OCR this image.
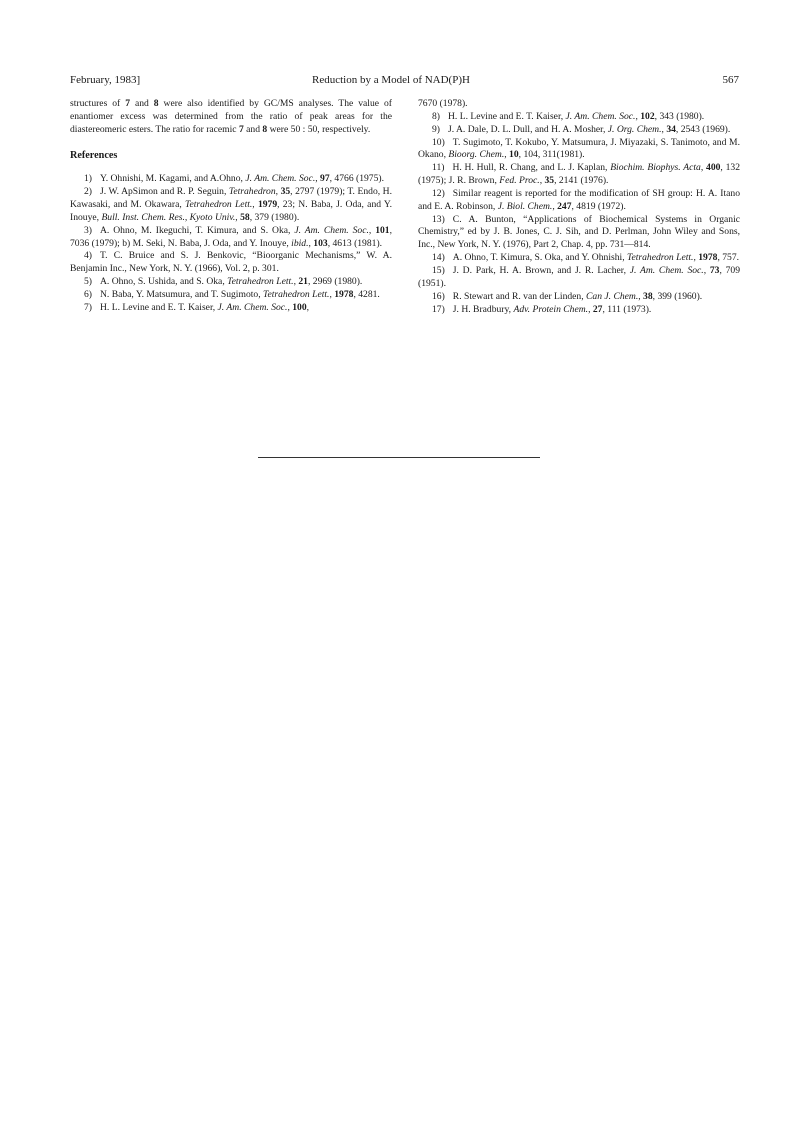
February, 1983]	Reduction by a Model of NAD(P)H	567

structures of 7 and 8 were also identified by GC/MS analyses. The value of enantiomer excess was determined from the ratio of peak areas for the diastereomeric esters. The ratio for racemic 7 and 8 were 50 : 50, respectively.

References

1) Y. Ohnishi, M. Kagami, and A.Ohno, J. Am. Chem. Soc., 97, 4766 (1975).

2) J. W. ApSimon and R. P. Seguin, Tetrahedron, 35, 2797 (1979); T. Endo, H. Kawasaki, and M. Okawara, Tetrahedron Lett., 1979, 23; N. Baba, J. Oda, and Y. Inouye, Bull. Inst. Chem. Res., Kyoto Univ., 58, 379 (1980).

3) A. Ohno, M. Ikeguchi, T. Kimura, and S. Oka, J. Am. Chem. Soc., 101, 7036 (1979); b) M. Seki, N. Baba, J. Oda, and Y. Inouye, ibid., 103, 4613 (1981).

4) T. C. Bruice and S. J. Benkovic, “Bioorganic Mechanisms,” W. A. Benjamin Inc., New York, N. Y. (1966), Vol. 2, p. 301.

5) A. Ohno, S. Ushida, and S. Oka, Tetrahedron Lett., 21, 2969 (1980).

6) N. Baba, Y. Matsumura, and T. Sugimoto, Tetrahedron Lett., 1978, 4281.

7) H. L. Levine and E. T. Kaiser, J. Am. Chem. Soc., 100,

7670 (1978).

8) H. L. Levine and E. T. Kaiser, J. Am. Chem. Soc., 102, 343 (1980).

9) J. A. Dale, D. L. Dull, and H. A. Mosher, J. Org. Chem., 34, 2543 (1969).

10) T. Sugimoto, T. Kokubo, Y. Matsumura, J. Miyazaki, S. Tanimoto, and M. Okano, Bioorg. Chem., 10, 104, 311(1981).

11) H. H. Hull, R. Chang, and L. J. Kaplan, Biochim. Biophys. Acta, 400, 132 (1975); J. R. Brown, Fed. Proc., 35, 2141 (1976).

12) Similar reagent is reported for the modification of SH group: H. A. Itano and E. A. Robinson, J. Biol. Chem., 247, 4819 (1972).

13) C. A. Bunton, “Applications of Biochemical Systems in Organic Chemistry,” ed by J. B. Jones, C. J. Sih, and D. Perlman, John Wiley and Sons, Inc., New York, N. Y. (1976), Part 2, Chap. 4, pp. 731—814.

14) A. Ohno, T. Kimura, S. Oka, and Y. Ohnishi, Tetrahedron Lett., 1978, 757.

15) J. D. Park, H. A. Brown, and J. R. Lacher, J. Am. Chem. Soc., 73, 709 (1951).

16) R. Stewart and R. van der Linden, Can J. Chem., 38, 399 (1960).

17) J. H. Bradbury, Adv. Protein Chem., 27, 111 (1973).
